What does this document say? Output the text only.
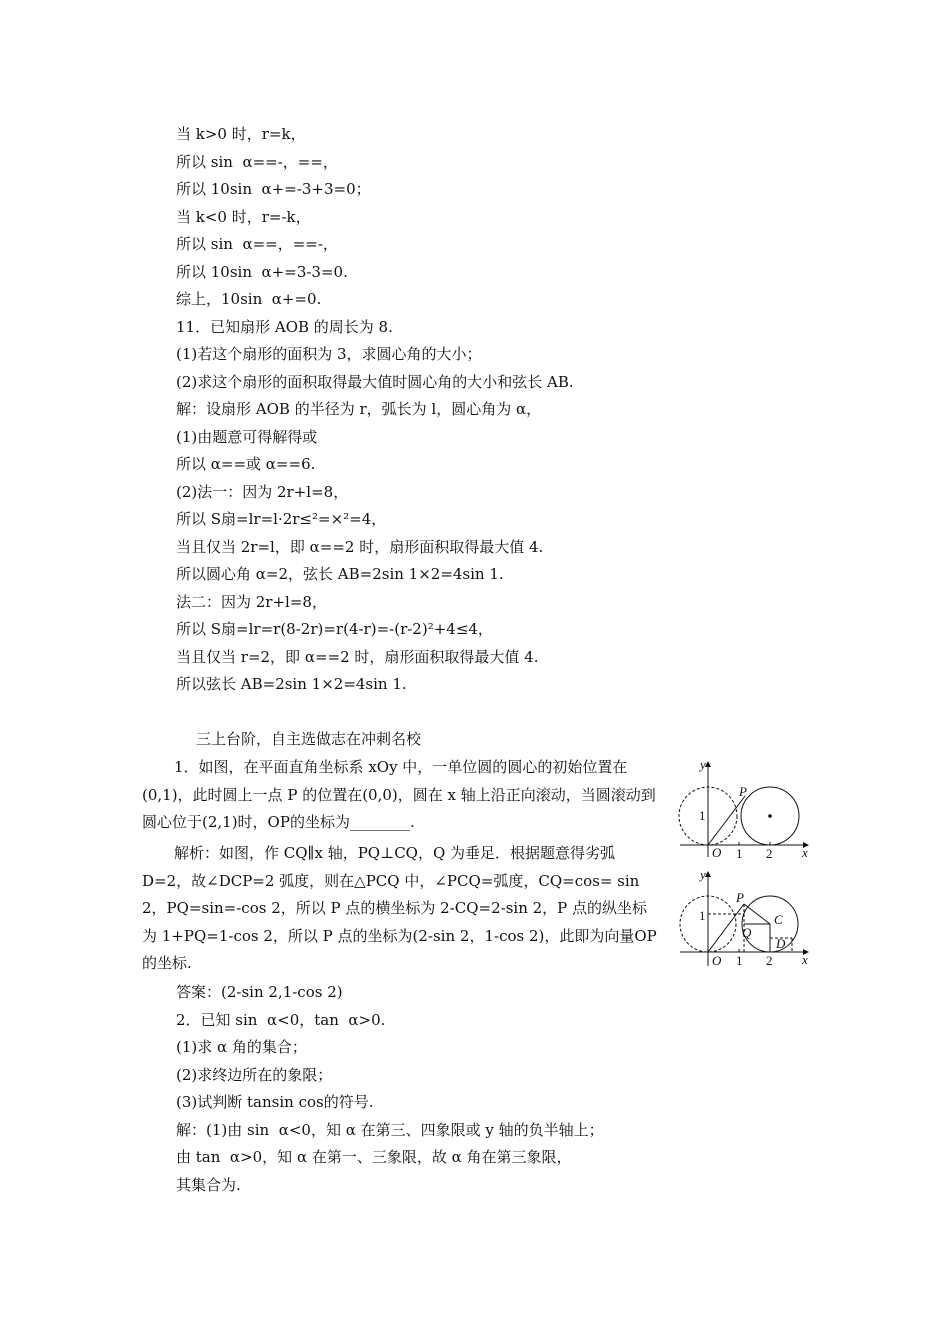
当 k>0 时，r=k，
所以 sin  α==-，==，
所以 10sin  α+=-3+3=0；
当 k<0 时，r=-k，
所以 sin  α==，==-，
所以 10sin  α+=3-3=0.
综上，10sin  α+=0.
11．已知扇形 AOB 的周长为 8.
(1)若这个扇形的面积为 3，求圆心角的大小；
(2)求这个扇形的面积取得最大值时圆心角的大小和弦长 AB.
解：设扇形 AOB 的半径为 r，弧长为 l，圆心角为 α，
(1)由题意可得解得或
所以 α==或 α==6.
(2)法一：因为 2r+l=8，
所以 S扇=lr=l·2r≤²=×²=4，
当且仅当 2r=l，即 α==2 时，扇形面积取得最大值 4.
所以圆心角 α=2，弦长 AB=2sin 1×2=4sin 1.
法二：因为 2r+l=8，
所以 S扇=lr=r(8-2r)=r(4-r)=-(r-2)²+4≤4，
当且仅当 r=2，即 α==2 时，扇形面积取得最大值 4.
所以弦长 AB=2sin 1×2=4sin 1.
三上台阶，自主选做志在冲刺名校
1．如图，在平面直角坐标系 xOy 中，一单位圆的圆心的初始位置在(0,1)，此时圆上一点 P 的位置在(0,0)，圆在 x 轴上沿正向滚动，当圆滚动到圆心位于(2,1)时，OP的坐标为________.
解析：如图，作 CQ∥x 轴，PQ⊥CQ，Q 为垂足．根据题意得劣弧 D=2，故∠DCP=2 弧度，则在△PCQ 中，∠PCQ=弧度，CQ=cos= sin 2，PQ=sin=-cos 2，所以 P 点的横坐标为 2-CQ=2-sin 2，P 点的纵坐标为 1+PQ=1-cos 2，所以 P 点的坐标为(2-sin 2，1-cos 2)，此即为向量OP的坐标.
答案：(2-sin 2,1-cos 2)
2．已知 sin  α<0，tan  α>0.
(1)求 α 角的集合；
(2)求终边所在的象限；
(3)试判断 tansin cos的符号.
解：(1)由 sin  α<0，知 α 在第三、四象限或 y 轴的负半轴上；
由 tan  α>0，知 α 在第一、三象限，故 α 角在第三象限，
其集合为.
y
x
O
P
1
1 2
y
x
O
P
Q
C
D
1
1 2
